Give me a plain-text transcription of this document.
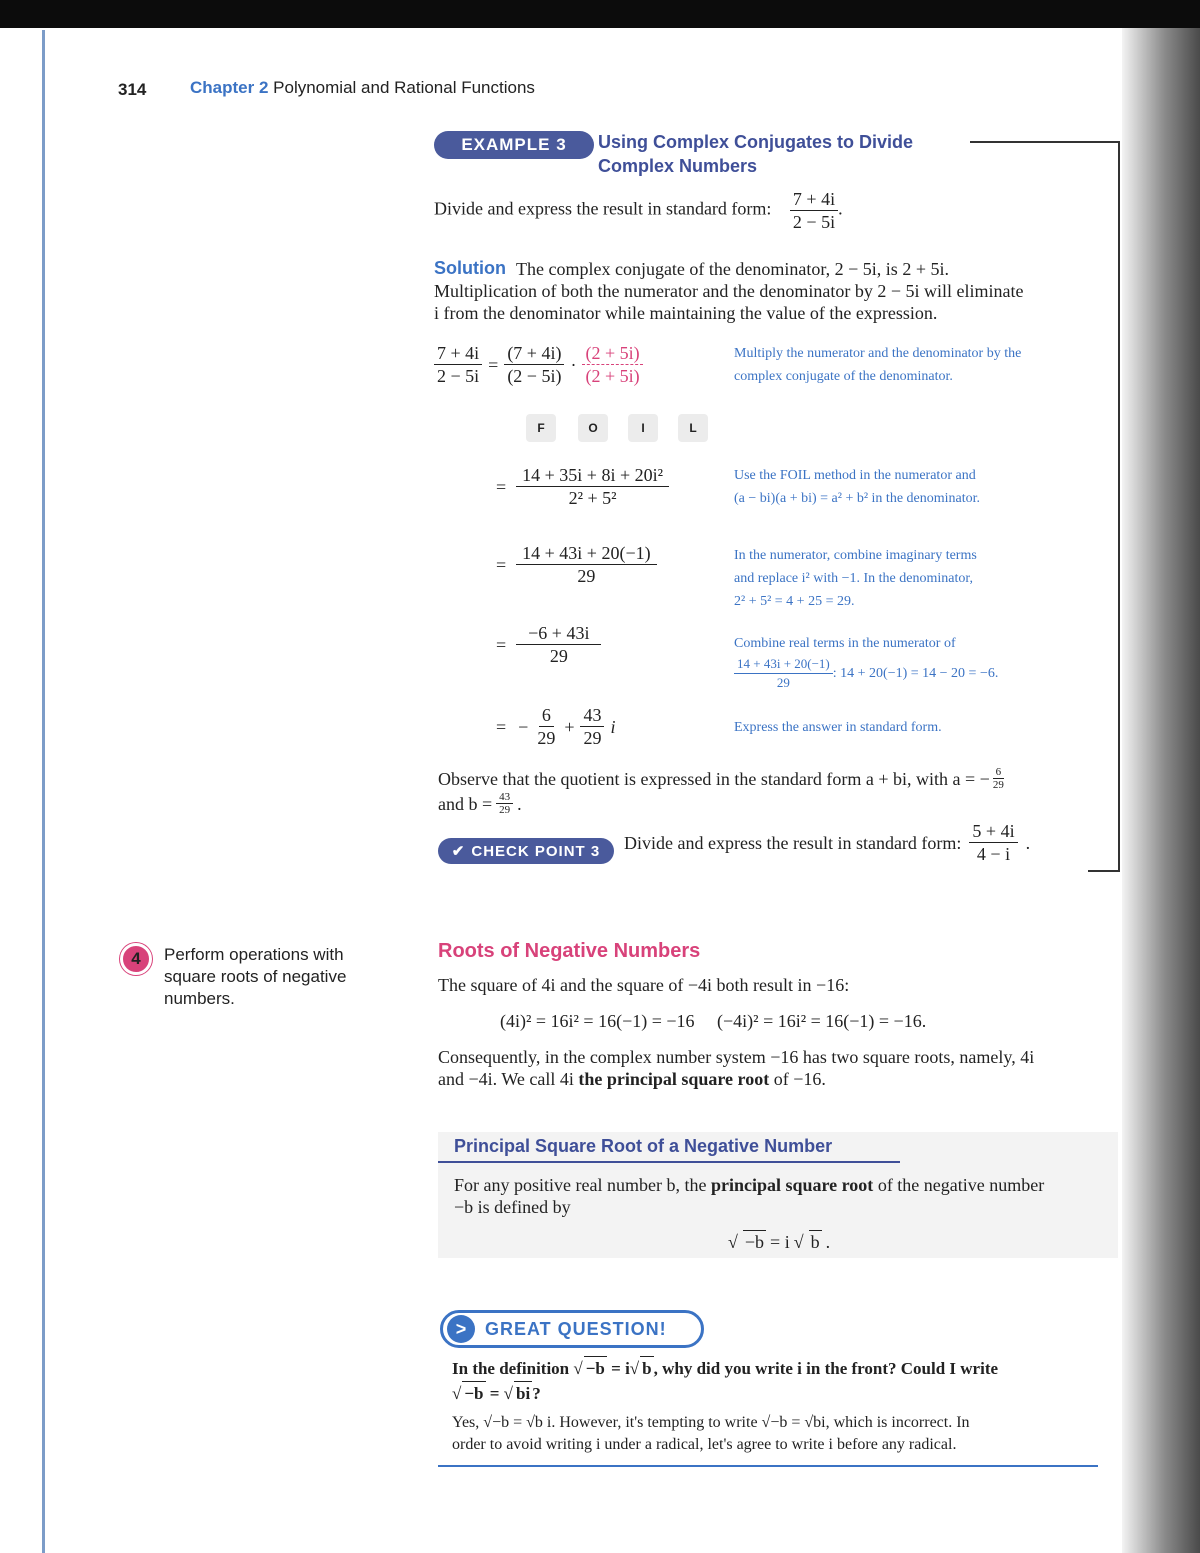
314	Chapter 2 Polynomial and Rational Functions
EXAMPLE 3	Using Complex Conjugates to Divide
Complex Numbers
Divide and express the result in standard form: $\frac{7 + 4i}{2 - 5i}$ .
Solution The complex conjugate of the denominator, 2 − 5i, is 2 + 5i.
Multiplication of both the numerator and the denominator by 2 − 5i will eliminate
i from the denominator while maintaining the value of the expression.
$\frac{7 + 4i}{2 - 5i} = \frac{(7 + 4i)}{(2 - 5i)} \cdot \frac{(2 + 5i)}{(2 + 5i)}$	Multiply the numerator and the denominator by the
complex conjugate of the denominator.
F	O	I	L
= $\frac{\text{14 + 35i + 8i + 20i²}}{\text{2² + 5²}}$	Use the FOIL method in the numerator and
(a − bi)(a + bi) = a² + b² in the denominator.
= $\frac{14 + 43i + 20(-1)}{29}$	In the numerator, combine imaginary terms
and replace i² with −1. In the denominator,
2² + 5² = 4 + 25 = 29.
= $\frac{-6 + 43i}{29}$	Combine real terms in the numerator of
$\frac{14 + 43i + 20(-1)}{29}$ : 14 + 20(−1) = 14 − 20 = −6.
= − $\frac{6}{29} + \frac{43}{29}$ i	Express the answer in standard form.
Observe that the quotient is expressed in the standard form a + bi, with a = − $\frac{6}{29}$
and $b = \frac{43}{29}$ .
✔ CHECK POINT 3 Divide and express the result in standard form: $\frac{5 + 4i}{4 - i}$ .
4	Perform operations with square roots of negative numbers.
Roots of Negative Numbers
The square of 4i and the square of −4i both result in −16:
(4i)² = 16i² = 16(−1) = −16     (−4i)² = 16i² = 16(−1) = −16.
Consequently, in the complex number system −16 has two square roots, namely, 4i
and −4i. We call 4i the principal square root of −16.
Principal Square Root of a Negative Number
For any positive real number b, the principal square root of the negative number
−b is defined by
√ −b = i √ b .
>	GREAT QUESTION!
In the definition √ −b = i√ b , why did you write i in the front? Could I write
√ −b = √ bi ?
Yes, √−b = √b i. However, it's tempting to write √−b = √bi, which is incorrect. In
order to avoid writing i under a radical, let's agree to write i before any radical.
